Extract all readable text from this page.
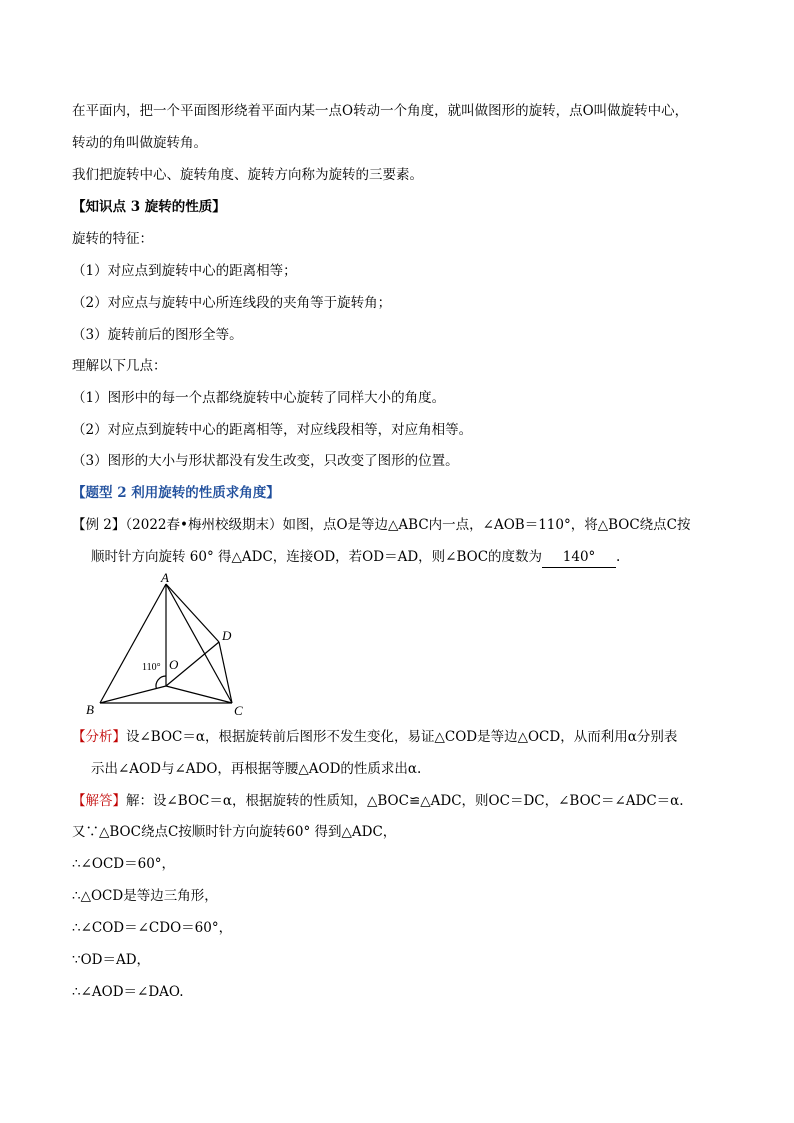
在平面内，把一个平面图形绕着平面内某一点O转动一个角度，就叫做图形的旋转，点O叫做旋转中心，
转动的角叫做旋转角。
我们把旋转中心、旋转角度、旋转方向称为旋转的三要素。
【知识点 3 旋转的性质】
旋转的特征：
（1）对应点到旋转中心的距离相等；
（2）对应点与旋转中心所连线段的夹角等于旋转角；
（3）旋转前后的图形全等。
理解以下几点：
（1）图形中的每一个点都绕旋转中心旋转了同样大小的角度。
（2）对应点到旋转中心的距离相等，对应线段相等，对应角相等。
（3）图形的大小与形状都没有发生改变，只改变了图形的位置。
【题型 2 利用旋转的性质求角度】
【例 2】（2022春•梅州校级期末）如图，点O是等边△ABC内一点，∠AOB＝110°，将△BOC绕点C按
顺时针方向旋转 60° 得△ADC，连接OD，若OD＝AD，则∠BOC的度数为 140° .
A
B	C
D
O
110°
【分析】设∠BOC＝α，根据旋转前后图形不发生变化，易证△COD是等边△OCD，从而利用α分别表
示出∠AOD与∠ADO，再根据等腰△AOD的性质求出α.
【解答】解：设∠BOC＝α，根据旋转的性质知，△BOC≌△ADC，则OC＝DC，∠BOC＝∠ADC＝α.
又∵△BOC绕点C按顺时针方向旋转60° 得到△ADC，
∴∠OCD＝60°，
∴△OCD是等边三角形，
∴∠COD＝∠CDO＝60°，
∵OD＝AD，
∴∠AOD＝∠DAO.
